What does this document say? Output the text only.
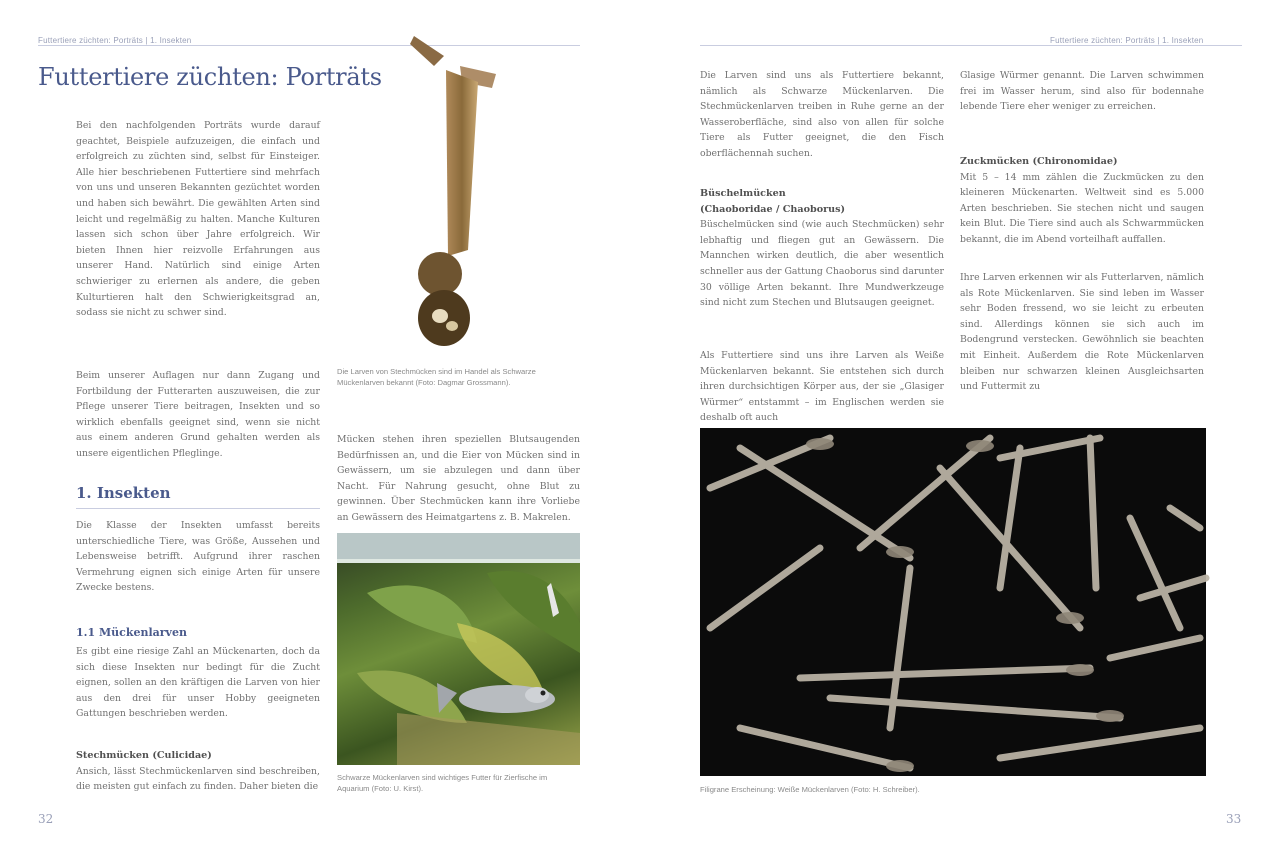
Futtertiere züchten: Porträts | 1. Insekten
Futtertiere züchten: Porträts

Bei den nachfolgenden Porträts wurde darauf geachtet, Beispiele aufzuzeigen, die einfach und erfolgreich zu züchten sind, selbst für Einsteiger. Alle hier beschriebenen Futtertiere sind mehrfach von uns und unseren Bekannten gezüchtet worden und haben sich bewährt. Die gewählten Arten sind leicht und regelmäßig zu halten. Manche Kulturen lassen sich schon über Jahre erfolgreich. Wir bieten Ihnen hier reizvolle Erfahrungen aus unserer Hand. Natürlich sind einige Arten schwieriger zu erlernen als andere, die geben Kulturtieren halt den Schwierigkeitsgrad an, sodass sie nicht zu schwer sind.

Beim unserer Auflagen nur dann Zugang und Fortbildung der Futterarten auszuweisen, die zur Pflege unserer Tiere beitragen, Insekten und so wirklich ebenfalls geeignet sind, wenn sie nicht aus einem anderen Grund gehalten werden als unsere eigentlichen Pfleglinge.

Die Larven von Stechmücken sind im Handel als Schwarze Mückenlarven bekannt (Foto: Dagmar Grossmann).
1. Insekten

Die Klasse der Insekten umfasst bereits unterschiedliche Tiere, was Größe, Aussehen und Lebensweise betrifft. Aufgrund ihrer raschen Vermehrung eignen sich einige Arten für unsere Zwecke bestens.

1.1 Mückenlarven

Es gibt eine riesige Zahl an Mückenarten, doch da sich diese Insekten nur bedingt für die Zucht eignen, sollen an den kräftigen die Larven von hier aus den drei für unser Hobby geeigneten Gattungen beschrieben werden.

Stechmücken (Culicidae)

Ansich, lässt Stechmückenlarven sind beschreiben, die meisten gut einfach zu finden. Daher bieten die

Mücken stehen ihren speziellen Blutsaugenden Bedürfnissen an, und die Eier von Mücken sind in Gewässern, um sie abzulegen und dann über Nacht. Für Nahrung gesucht, ohne Blut zu gewinnen. Über Stechmücken kann ihre Vorliebe an Gewässern des Heimatgartens z. B. Makrelen.

Schwarze Mückenlarven sind wichtiges Futter für Zierfische im Aquarium (Foto: U. Kirst).
32
Futtertiere züchten: Porträts | 1. Insekten

Die Larven sind uns als Futtertiere bekannt, nämlich als Schwarze Mückenlarven. Die Stechmückenlarven treiben in Ruhe gerne an der Wasseroberfläche, sind also von allen für solche Tiere als Futter geeignet, die den Fisch oberflächennah suchen.

Büschelmücken

(Chaoboridae / Chaoborus)

Büschelmücken sind (wie auch Stechmücken) sehr lebhaftig und fliegen gut an Gewässern. Die Mannchen wirken deutlich, die aber wesentlich schneller aus der Gattung Chaoborus sind darunter 30 völlige Arten bekannt. Ihre Mundwerkzeuge sind nicht zum Stechen und Blutsaugen geeignet.

Als Futtertiere sind uns ihre Larven als Weiße Mückenlarven bekannt. Sie entstehen sich durch ihren durchsichtigen Körper aus, der sie „Glasiger Würmer“ entstammt – im Englischen werden sie deshalb oft auch

Glasige Würmer genannt. Die Larven schwimmen frei im Wasser herum, sind also für bodennahe lebende Tiere eher weniger zu erreichen.

Zuckmücken (Chironomidae)

Mit 5 – 14 mm zählen die Zuckmücken zu den kleineren Mückenarten. Weltweit sind es 5.000 Arten beschrieben. Sie stechen nicht und saugen kein Blut. Die Tiere sind auch als Schwarmmücken bekannt, die im Abend vorteilhaft auffallen.

Ihre Larven erkennen wir als Futterlarven, nämlich als Rote Mückenlarven. Sie sind leben im Wasser sehr Boden fressend, wo sie leicht zu erbeuten sind. Allerdings können sie sich auch im Bodengrund verstecken. Gewöhnlich sie beachten mit Einheit. Außerdem die Rote Mückenlarven bleiben nur schwarzen kleinen Ausgleichsarten und Futtermit zu

Filigrane Erscheinung: Weiße Mückenlarven (Foto: H. Schreiber).
33
